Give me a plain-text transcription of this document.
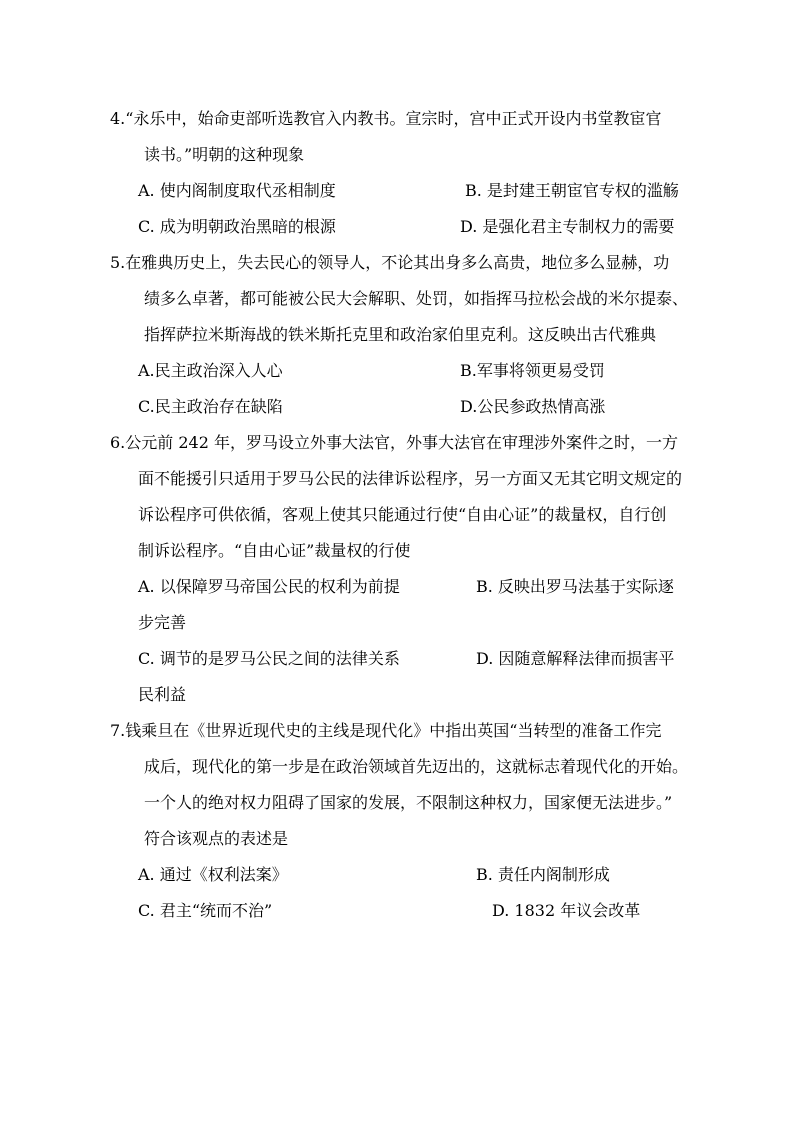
4.“永乐中，始命吏部听选教官入内教书。宣宗时，宫中正式开设内书堂教宦官
读书。”明朝的这种现象
A. 使内阁制度取代丞相制度	B. 是封建王朝宦官专权的滥觞
C. 成为明朝政治黑暗的根源	D. 是强化君主专制权力的需要
5.在雅典历史上，失去民心的领导人，不论其出身多么高贵，地位多么显赫，功
绩多么卓著，都可能被公民大会解职、处罚，如指挥马拉松会战的米尔提泰、
指挥萨拉米斯海战的铁米斯托克里和政治家伯里克利。这反映出古代雅典
A.民主政治深入人心	B.军事将领更易受罚
C.民主政治存在缺陷	D.公民参政热情高涨
6.公元前 242 年，罗马设立外事大法官，外事大法官在审理涉外案件之时，一方
面不能援引只适用于罗马公民的法律诉讼程序，另一方面又无其它明文规定的
诉讼程序可供依循，客观上使其只能通过行使“自由心证”的裁量权，自行创
制诉讼程序。“自由心证”裁量权的行使
A. 以保障罗马帝国公民的权利为前提	B. 反映出罗马法基于实际逐
步完善
C. 调节的是罗马公民之间的法律关系	D. 因随意解释法律而损害平
民利益
7.钱乘旦在《世界近现代史的主线是现代化》中指出英国“当转型的准备工作完
成后，现代化的第一步是在政治领域首先迈出的，这就标志着现代化的开始。
一个人的绝对权力阻碍了国家的发展，不限制这种权力，国家便无法进步。”
符合该观点的表述是
A. 通过《权利法案》	B. 责任内阁制形成
C. 君主“统而不治”	D. 1832 年议会改革
